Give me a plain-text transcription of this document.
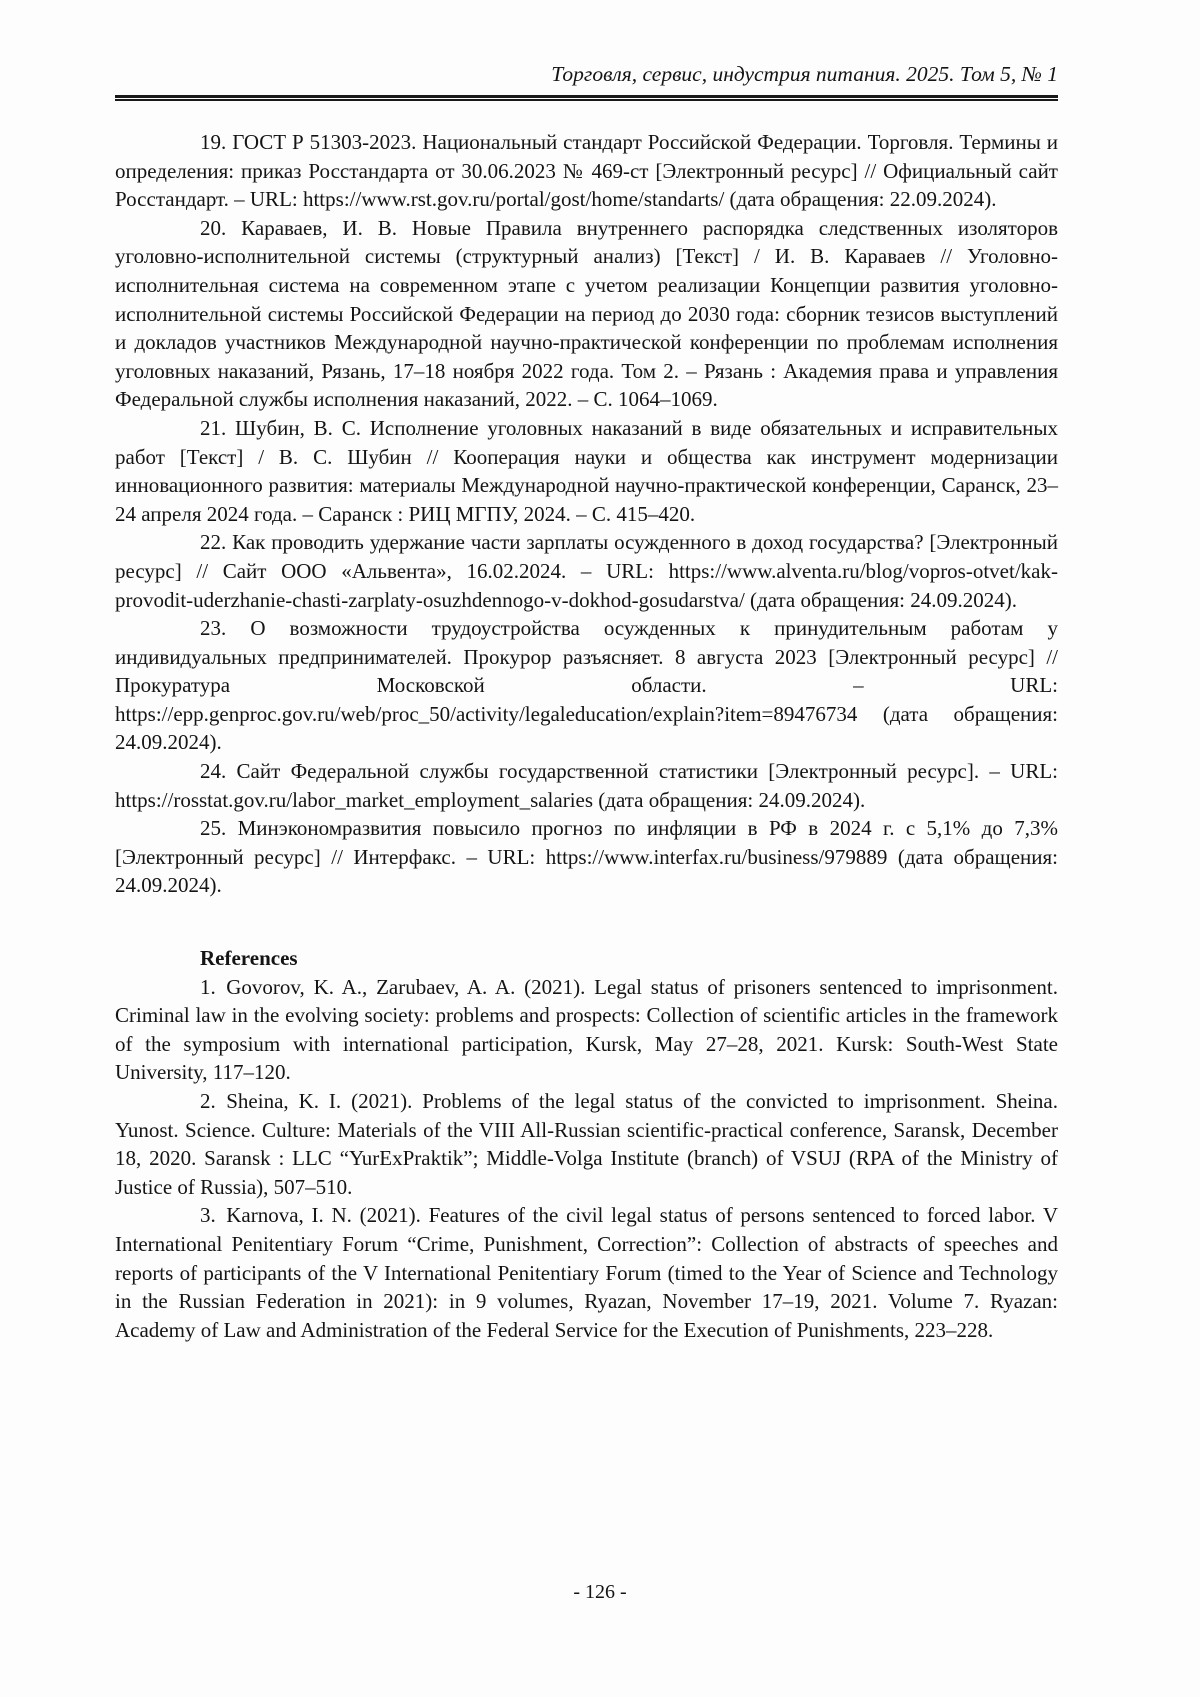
Торговля, сервис, индустрия питания. 2025. Том 5, № 1

19. ГОСТ Р 51303-2023. Национальный стандарт Российской Федерации. Торговля. Термины и определения: приказ Росстандарта от 30.06.2023 № 469-ст [Электронный ресурс] // Официальный сайт Росстандарт. – URL: https://www.rst.gov.ru/portal/gost/home/standarts/ (дата обращения: 22.09.2024).

20. Караваев, И. В. Новые Правила внутреннего распорядка следственных изоляторов уголовно-исполнительной системы (структурный анализ) [Текст] / И. В. Караваев // Уголовно-исполнительная система на современном этапе с учетом реализации Концепции развития уголовно-исполнительной системы Российской Федерации на период до 2030 года: сборник тезисов выступлений и докладов участников Международной научно-практической конференции по проблемам исполнения уголовных наказаний, Рязань, 17–18 ноября 2022 года. Том 2. – Рязань : Академия права и управления Федеральной службы исполнения наказаний, 2022. – С. 1064–1069.

21. Шубин, В. С. Исполнение уголовных наказаний в виде обязательных и исправительных работ [Текст] / В. С. Шубин // Кооперация науки и общества как инструмент модернизации инновационного развития: материалы Международной научно-практической конференции, Саранск, 23–24 апреля 2024 года. – Саранск : РИЦ МГПУ, 2024. – С. 415–420.

22. Как проводить удержание части зарплаты осужденного в доход государства? [Электронный ресурс] // Сайт ООО «Альвента», 16.02.2024. – URL: https://www.alventa.ru/blog/vopros-otvet/kak-provodit-uderzhanie-chasti-zarplaty-osuzhdennogo-v-dokhod-gosudarstva/ (дата обращения: 24.09.2024).

23. О возможности трудоустройства осужденных к принудительным работам у индивидуальных предпринимателей. Прокурор разъясняет. 8 августа 2023 [Электронный ресурс] // Прокуратура Московской области. – URL: https://epp.genproc.gov.ru/web/proc_50/activity/legaleducation/explain?item=89476734 (дата обращения: 24.09.2024).

24. Сайт Федеральной службы государственной статистики [Электронный ресурс]. – URL: https://rosstat.gov.ru/labor_market_employment_salaries (дата обращения: 24.09.2024).

25. Минэкономразвития повысило прогноз по инфляции в РФ в 2024 г. с 5,1% до 7,3% [Электронный ресурс] // Интерфакс. – URL: https://www.interfax.ru/business/979889 (дата обращения: 24.09.2024).

References

1. Govorov, K. A., Zarubaev, A. A. (2021). Legal status of prisoners sentenced to imprisonment. Criminal law in the evolving society: problems and prospects: Collection of scientific articles in the framework of the symposium with international participation, Kursk, May 27–28, 2021. Kursk: South-West State University, 117–120.

2. Sheina, K. I. (2021). Problems of the legal status of the convicted to imprisonment. Sheina. Yunost. Science. Culture: Materials of the VIII All-Russian scientific-practical conference, Saransk, December 18, 2020. Saransk : LLC “YurExPraktik”; Middle-Volga Institute (branch) of VSUJ (RPA of the Ministry of Justice of Russia), 507–510.

3. Karnova, I. N. (2021). Features of the civil legal status of persons sentenced to forced labor. V International Penitentiary Forum “Crime, Punishment, Correction”: Collection of abstracts of speeches and reports of participants of the V International Penitentiary Forum (timed to the Year of Science and Technology in the Russian Federation in 2021): in 9 volumes, Ryazan, November 17–19, 2021. Volume 7. Ryazan: Academy of Law and Administration of the Federal Service for the Execution of Punishments, 223–228.

- 126 -
